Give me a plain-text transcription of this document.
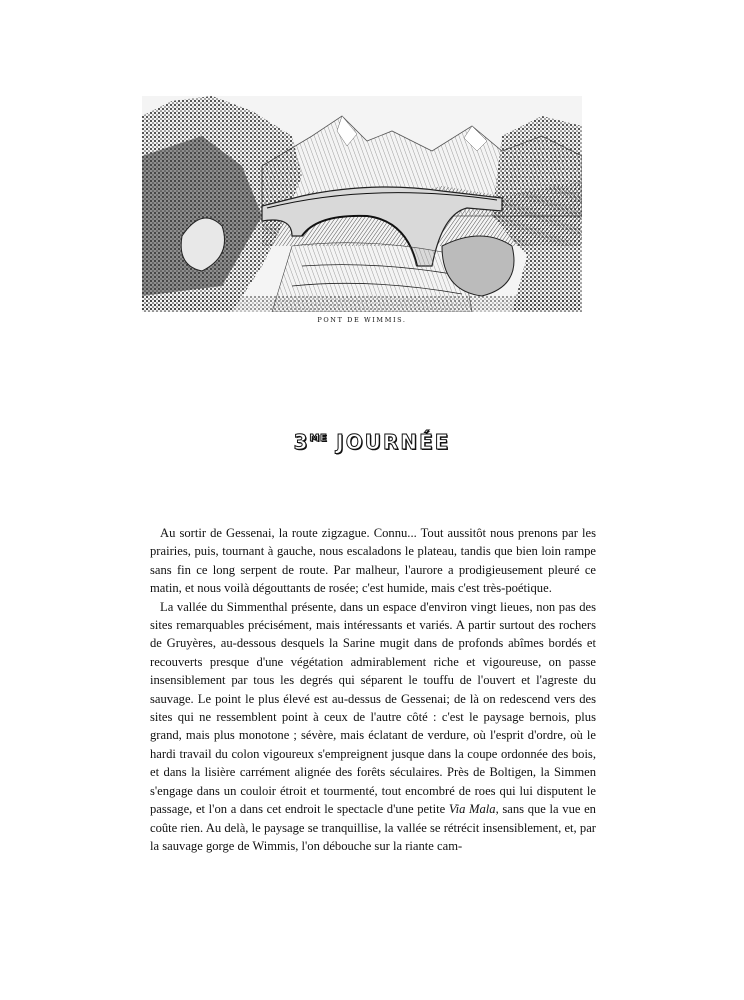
PONT DE WIMMIS.
$3^{ME}$ JOURNÉE

Au sortir de Gessenai, la route zigzague. Connu... Tout aussitôt nous prenons par les prairies, puis, tournant à gauche, nous escaladons le plateau, tandis que bien loin rampe sans fin ce long serpent de route. Par malheur, l'aurore a prodigieusement pleuré ce matin, et nous voilà dégouttants de rosée; c'est humide, mais c'est très-poétique.

La vallée du Simmenthal présente, dans un espace d'environ vingt lieues, non pas des sites remarquables précisément, mais intéressants et variés. A partir surtout des rochers de Gruyères, au-dessous desquels la Sarine mugit dans de profonds abîmes bordés et recouverts presque d'une végétation admirablement riche et vigoureuse, on passe insensiblement par tous les degrés qui séparent le touffu de l'ouvert et l'agreste du sauvage. Le point le plus élevé est au-dessus de Gessenai; de là on redescend vers des sites qui ne ressemblent point à ceux de l'autre côté : c'est le paysage bernois, plus grand, mais plus monotone ; sévère, mais éclatant de verdure, où l'esprit d'ordre, où le hardi travail du colon vigoureux s'empreignent jusque dans la coupe ordonnée des bois, et dans la lisière carrément alignée des forêts séculaires. Près de Boltigen, la Simmen s'engage dans un couloir étroit et tourmenté, tout encombré de roes qui lui disputent le passage, et l'on a dans cet endroit le spectacle d'une petite Via Mala, sans que la vue en coûte rien. Au delà, le paysage se tranquillise, la vallée se rétrécit insensiblement, et, par la sauvage gorge de Wimmis, l'on débouche sur la riante cam-
